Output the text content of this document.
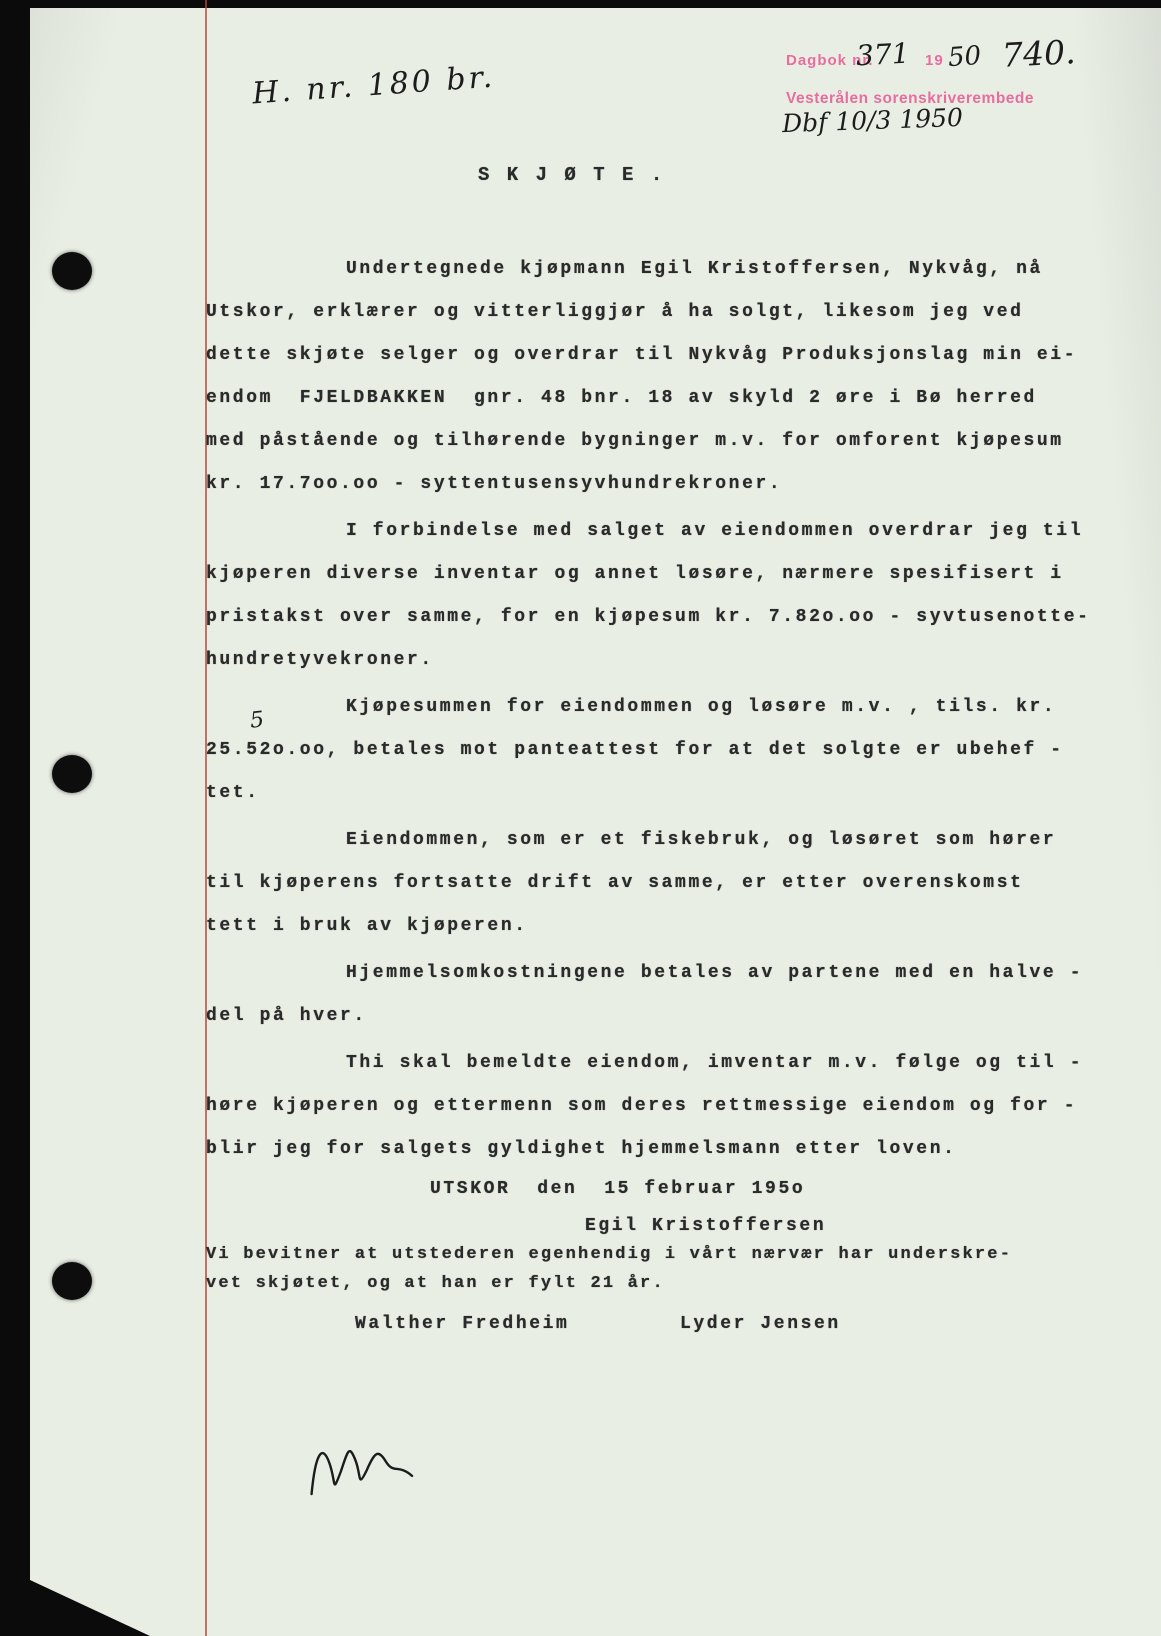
H. nr. 180 br.	Dagbok nr.
371 19 50 740.
Vesterålen sorenskriverembede
Dbf 10/3 1950
S K J Ø T E .
Undertegnede kjøpmann Egil Kristoffersen, Nykvåg, nå
Utskor, erklærer og vitterliggjør å ha solgt, likesom jeg ved
dette skjøte selger og overdrar til Nykvåg Produksjonslag min ei-
endom  FJELDBAKKEN  gnr. 48 bnr. 18 av skyld 2 øre i Bø herred
med påstående og tilhørende bygninger m.v. for omforent kjøpesum
kr. 17.7oo.oo - syttentusensyvhundrekroner.
I forbindelse med salget av eiendommen overdrar jeg til
kjøperen diverse inventar og annet løsøre, nærmere spesifisert i
pristakst over samme, for en kjøpesum kr. 7.82o.oo - syvtusenotte-
hundretyvekroner.
Kjøpesummen for eiendommen og løsøre m.v. , tils. kr.
25.52o.oo, betales mot panteattest for at det solgte er ubehef -
tet.
Eiendommen, som er et fiskebruk, og løsøret som hører
til kjøperens fortsatte drift av samme, er etter overenskomst
tett i bruk av kjøperen.
Hjemmelsomkostningene betales av partene med en halve -
del på hver.
Thi skal bemeldte eiendom, imventar m.v. følge og til -
høre kjøperen og ettermenn som deres rettmessige eiendom og for -
blir jeg for salgets gyldighet hjemmelsmann etter loven.
5
UTSKOR  den  15 februar 195o
Egil Kristoffersen
Vi bevitner at utstederen egenhendig i vårt nærvær har underskre-
vet skjøtet, og at han er fylt 21 år.
Walther Fredheim	Lyder Jensen
